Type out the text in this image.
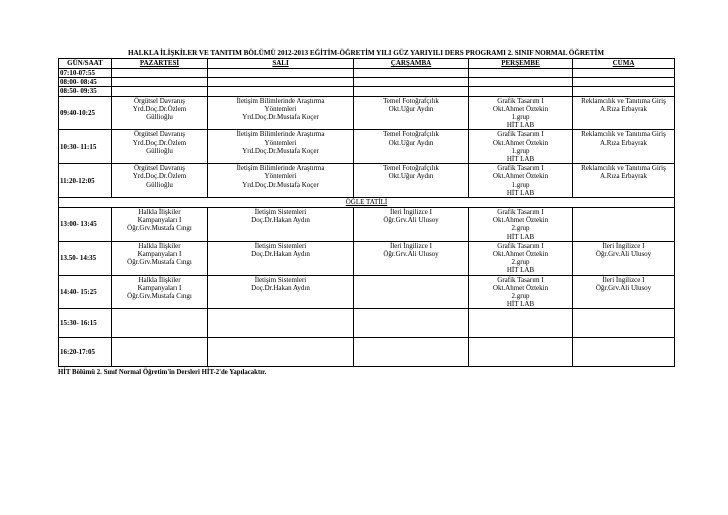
HALKLA İLİŞKİLER VE TANITIM BÖLÜMÜ 2012-2013 EĞİTİM-ÖĞRETİM YILI GÜZ YARIYILI DERS PROGRAMI 2. SINIF NORMAL ÖĞRETİM
GÜN/SAAT	PAZARTESİ	SALI	ÇARŞAMBA	PERŞEMBE	CUMA
07:10-07:55					
08:00- 08:45					
08:50- 09:35					
09:40-10:25	Örgütsel Davranış
Yrd.Doç.Dr.Özlem
Güllioğlu	İletişim Bilimlerinde Araştırma
Yöntemleri
Yrd.Doç.Dr.Mustafa Koçer	Temel Fotoğrafçılık
Okt.Uğur Aydın	Grafik Tasarım I
Okt.Ahmet Öztekin
1.grup
HİT LAB	Reklamcılık ve Tanıtıma Giriş
A.Rıza Erbayrak

10:30- 11:15	Örgütsel Davranış
Yrd.Doç.Dr.Özlem
Güllioğlu	İletişim Bilimlerinde Araştırma
Yöntemleri
Yrd.Doç.Dr.Mustafa Koçer	Temel Fotoğrafçılık
Okt.Uğur Aydın	Grafik Tasarım I
Okt.Ahmet Öztekin
1.grup
HİT LAB	Reklamcılık ve Tanıtıma Giriş
A.Rıza Erbayrak

11:20-12:05	Örgütsel Davranış
Yrd.Doç.Dr.Özlem
Güllioğlu	İletişim Bilimlerinde Araştırma
Yöntemleri
Yrd.Doç.Dr.Mustafa Koçer	Temel Fotoğrafçılık
Okt.Uğur Aydın	Grafik Tasarım I
Okt.Ahmet Öztekin
1.grup
HİT LAB	Reklamcılık ve Tanıtıma Giriş
A.Rıza Erbayrak

ÖĞLE TATİLİ					
13:00- 13:45	Halkla İlişkiler
Kampanyaları I
Öğr.Grv.Mustafa Cıngı	İletişim Sistemleri
Doç.Dr.Hakan Aydın	İleri İngilizce I
Öğr.Grv.Ali Ulusoy	Grafik Tasarım I
Okt.Ahmet Öztekin
2.grup
HİT LAB	

13.50- 14:35	Halkla İlişkiler
Kampanyaları I
Öğr.Grv.Mustafa Cıngı	İletişim Sistemleri
Doç.Dr.Hakan Aydın	İleri İngilizce I
Öğr.Grv.Ali Ulusoy	Grafik Tasarım I
Okt.Ahmet Öztekin
2.grup
HİT LAB	İleri İngilizce I
Öğr.Grv.Ali Ulusoy

14:40- 15:25	Halkla İlişkiler
Kampanyaları I
Öğr.Grv.Mustafa Cıngı	İletişim Sistemleri
Doç.Dr.Hakan Aydın		Grafik Tasarım I
Okt.Ahmet Öztekin
2.grup
HİT LAB	İleri İngilizce I
Öğr.Grv.Ali Ulusoy

15:30- 16:15					
16:20-17:05					
HİT Bölümü 2. Sınıf Normal Öğretim'in Dersleri HİT-2'de Yapılacaktır.
